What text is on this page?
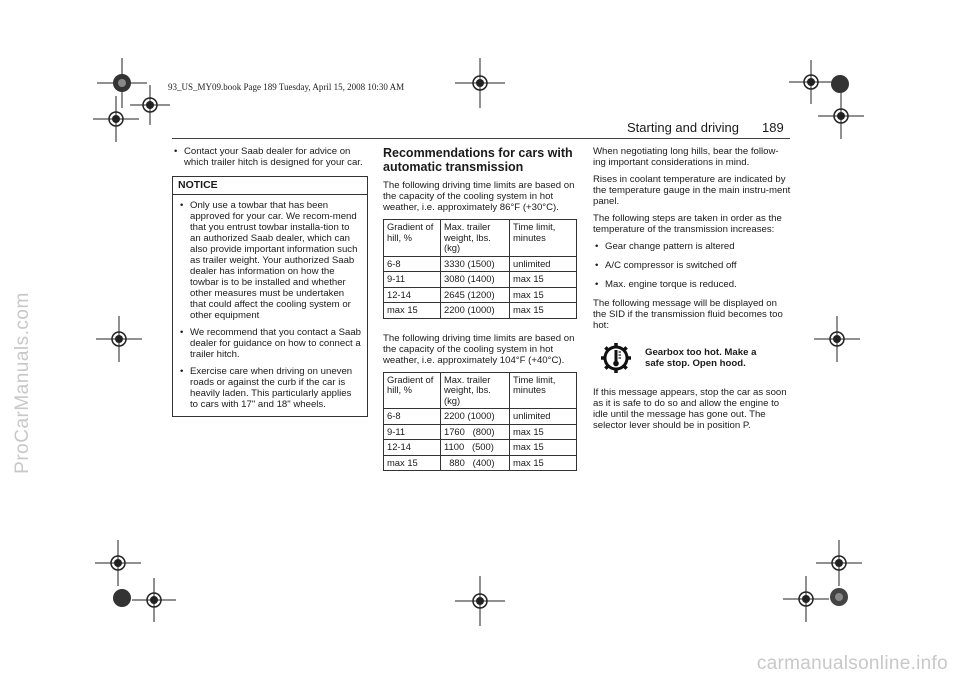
93_US_MY09.book Page 189 Tuesday, April 15, 2008 10:30 AM
ProCarManuals.com
carmanualsonline.info
Starting and driving 189
• Contact your Saab dealer for advice on which trailer hitch is designed for your car.
NOTICE
• Only use a towbar that has been approved for your car. We recom-mend that you entrust towbar installa-tion to an authorized Saab dealer, which can also provide important information such as trailer weight. Your authorized Saab dealer has information on how the towbar is to be installed and whether other measures must be undertaken that could affect the cooling system or other equipment
• We recommend that you contact a Saab dealer for guidance on how to connect a trailer hitch.
• Exercise care when driving on uneven roads or against the curb if the car is heavily laden. This particularly applies to cars with 17" and 18" wheels.
Recommendations for cars with automatic transmission
The following driving time limits are based on the capacity of the cooling system in hot weather, i.e. approximately 86°F (+30°C).
Gradient of hill, %	Max. trailer weight, lbs. (kg)	Time limit, minutes
6-8	3330 (1500)	unlimited
9-11	3080 (1400)	max 15
12-14	2645 (1200)	max 15
max 15	2200 (1000)	max 15
The following driving time limits are based on the capacity of the cooling system in hot weather, i.e. approximately 104°F (+40°C).
Gradient of hill, %	Max. trailer weight, lbs. (kg)	Time limit, minutes
6-8	2200 (1000)	unlimited
9-11	1760   (800)	max 15
12-14	1100   (500)	max 15
max 15	880   (400)	max 15
When negotiating long hills, bear the follow-ing important considerations in mind.
Rises in coolant temperature are indicated by the temperature gauge in the main instru-ment panel.
The following steps are taken in order as the temperature of the transmission increases:
• Gear change pattern is altered
• A/C compressor is switched off
• Max. engine torque is reduced.
The following message will be displayed on the SID if the transmission fluid becomes too hot:
Gearbox too hot. Make a safe stop. Open hood.
If this message appears, stop the car as soon as it is safe to do so and allow the engine to idle until the message has gone out. The selector lever should be in position P.
